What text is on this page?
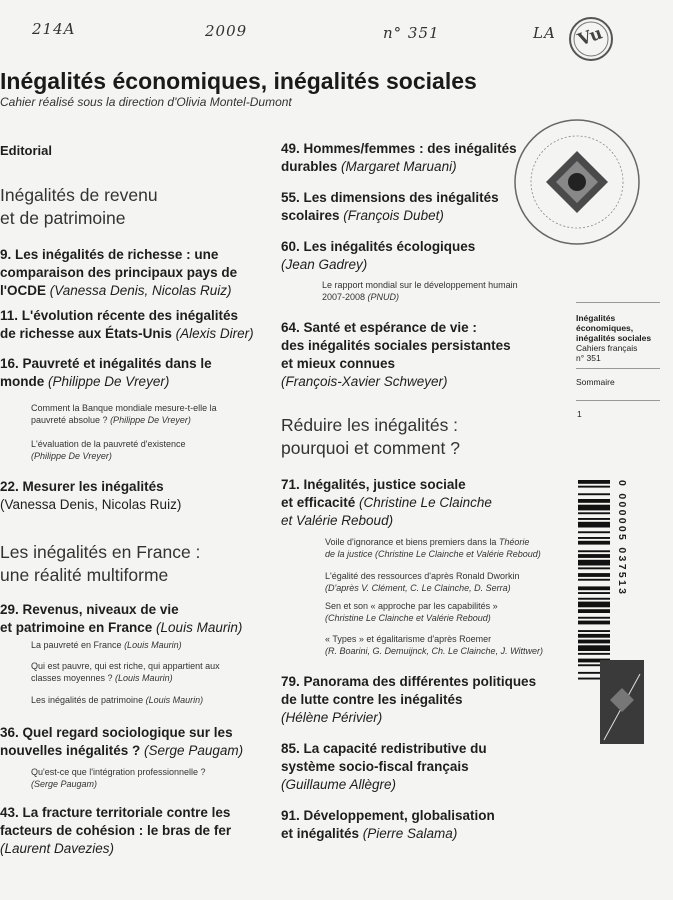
214A	2009	n° 351	LA Vu
Inégalités économiques, inégalités sociales
Cahier réalisé sous la direction d'Olivia Montel-Dumont
Editorial
Inégalités de revenu
et de patrimoine
9. Les inégalités de richesse : une
comparaison des principaux pays de
l'OCDE (Vanessa Denis, Nicolas Ruiz)
11. L'évolution récente des inégalités
de richesse aux États-Unis (Alexis Direr)
16. Pauvreté et inégalités dans le
monde (Philippe De Vreyer)
Comment la Banque mondiale mesure-t-elle la
pauvreté absolue ? (Philippe De Vreyer)
L'évaluation de la pauvreté d'existence
(Philippe De Vreyer)
22. Mesurer les inégalités
(Vanessa Denis, Nicolas Ruiz)
Les inégalités en France :
une réalité multiforme
29. Revenus, niveaux de vie
et patrimoine en France (Louis Maurin)
La pauvreté en France (Louis Maurin)
Qui est pauvre, qui est riche, qui appartient aux
classes moyennes ? (Louis Maurin)
Les inégalités de patrimoine (Louis Maurin)
36. Quel regard sociologique sur les
nouvelles inégalités ? (Serge Paugam)
Qu'est-ce que l'intégration professionnelle ?
(Serge Paugam)
43. La fracture territoriale contre les
facteurs de cohésion : le bras de fer
(Laurent Davezies)
49. Hommes/femmes : des inégalités
durables (Margaret Maruani)
55. Les dimensions des inégalités
scolaires (François Dubet)
60. Les inégalités écologiques
(Jean Gadrey)
Le rapport mondial sur le développement humain
2007-2008 (PNUD)
64. Santé et espérance de vie :
des inégalités sociales persistantes
et mieux connues
(François-Xavier Schweyer)
Réduire les inégalités :
pourquoi et comment ?
71. Inégalités, justice sociale
et efficacité (Christine Le Clainche
et Valérie Reboud)
Voile d'ignorance et biens premiers dans la Théorie
de la justice (Christine Le Clainche et Valérie Reboud)
L'égalité des ressources d'après Ronald Dworkin
(D'après V. Clément, C. Le Clainche, D. Serra)
Sen et son « approche par les capabilités »
(Christine Le Clainche et Valérie Reboud)
« Types » et égalitarisme d'après Roemer
(R. Boarini, G. Demuijnck, Ch. Le Clainche, J. Wittwer)
79. Panorama des différentes politiques
de lutte contre les inégalités
(Hélène Périvier)
85. La capacité redistributive du
système socio-fiscal français
(Guillaume Allègre)
91. Développement, globalisation
et inégalités (Pierre Salama)
Inégalités
économiques,
inégalités sociales
Cahiers français
n° 351
Sommaire
1
0 000005 037513
